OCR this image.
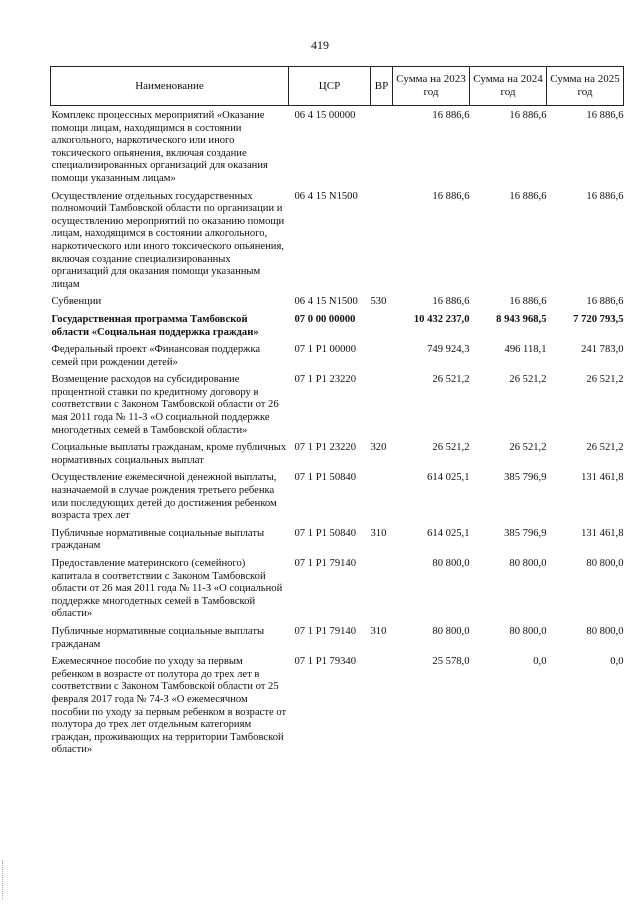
419
Наименование	ЦСР	ВР	Сумма на 2023 год	Сумма на 2024 год	Сумма на 2025 год
Комплекс процессных мероприятий «Оказание помощи лицам, находящимся в состоянии алкогольного, наркотического или иного токсического опьянения, включая создание специализированных организаций для оказания помощи указанным лицам»	06 4 15 00000		16 886,6	16 886,6	16 886,6
Осуществление отдельных государственных полномочий Тамбовской области по организации и осуществлению мероприятий по оказанию помощи лицам, находящимся в состоянии алкогольного, наркотического или иного токсического опьянения, включая создание специализированных организаций для оказания помощи указанным лицам	06 4 15 N1500		16 886,6	16 886,6	16 886,6
Субвенции	06 4 15 N1500	530	16 886,6	16 886,6	16 886,6
Государственная программа Тамбовской области «Социальная поддержка граждан»	07 0 00 00000		10 432 237,0	8 943 968,5	7 720 793,5
Федеральный проект «Финансовая поддержка семей при рождении детей»	07 1 P1 00000		749 924,3	496 118,1	241 783,0
Возмещение расходов на субсидирование процентной ставки по кредитному договору в соответствии с Законом Тамбовской области от 26 мая 2011 года № 11-З «О социальной поддержке многодетных семей в Тамбовской области»	07 1 P1 23220		26 521,2	26 521,2	26 521,2
Социальные выплаты гражданам, кроме публичных нормативных социальных выплат	07 1 P1 23220	320	26 521,2	26 521,2	26 521,2
Осуществление ежемесячной денежной выплаты, назначаемой в случае рождения третьего ребенка или последующих детей до достижения ребенком возраста трех лет	07 1 P1 50840		614 025,1	385 796,9	131 461,8
Публичные нормативные социальные выплаты гражданам	07 1 P1 50840	310	614 025,1	385 796,9	131 461,8
Предоставление материнского (семейного) капитала в соответствии с Законом Тамбовской области от 26 мая 2011 года № 11-З «О социальной поддержке многодетных семей в Тамбовской области»	07 1 P1 79140		80 800,0	80 800,0	80 800,0
Публичные нормативные социальные выплаты гражданам	07 1 P1 79140	310	80 800,0	80 800,0	80 800,0
Ежемесячное пособие по уходу за первым ребенком в возрасте от полутора до трех лет в соответствии с Законом Тамбовской области от 25 февраля 2017 года № 74-З «О ежемесячном пособии по уходу за первым ребенком в возрасте от полутора до трех лет отдельным категориям граждан, проживающих на территории Тамбовской области»	07 1 P1 79340		25 578,0	0,0	0,0
· · · ·
